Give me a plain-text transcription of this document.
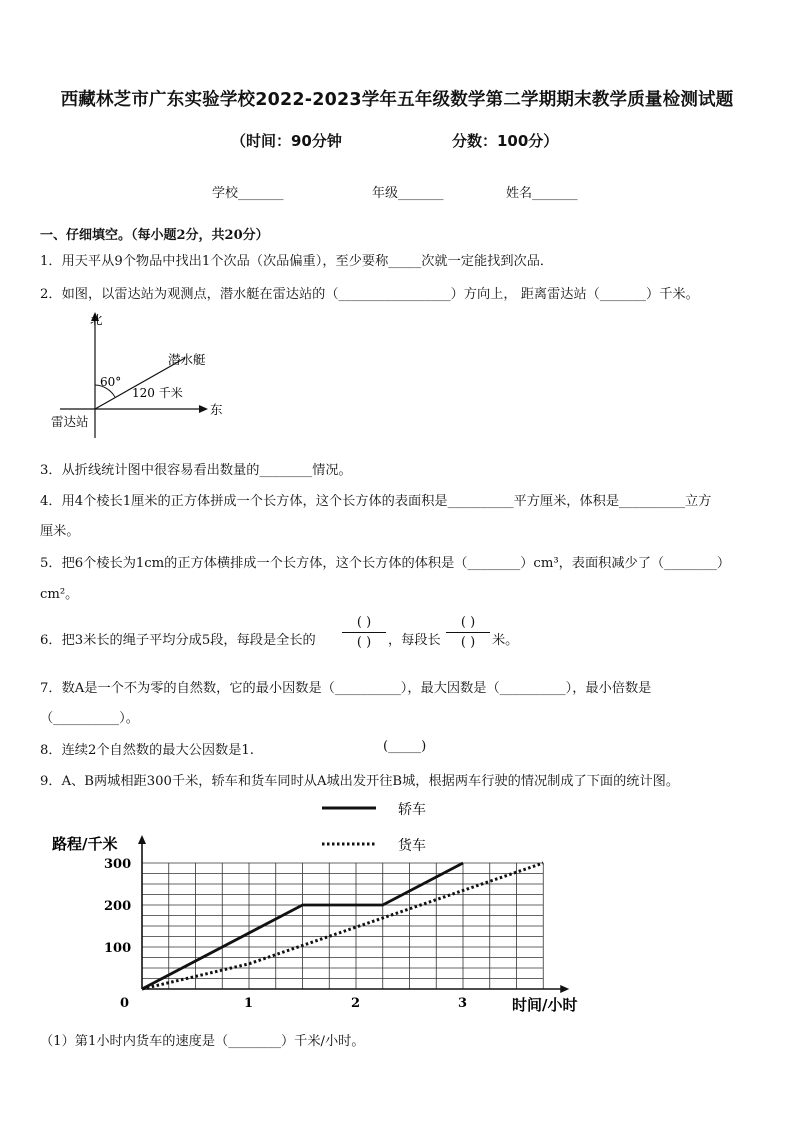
西藏林芝市广东实验学校2022-2023学年五年级数学第二学期期末教学质量检测试题
（时间：90分钟	分数：100分）
学校_______	年级_______	姓名_______
一、仔细填空。（每小题2分，共20分）
1．用天平从9个物品中找出1个次品（次品偏重），至少要称_____次就一定能找到次品．
2．如图，以雷达站为观测点，潜水艇在雷达站的（_________________）方向上， 距离雷达站（_______）千米。
60°
120 千米
潜水艇
北
东
雷达站
3．从折线统计图中很容易看出数量的________情况。
4．用4个棱长1厘米的正方体拼成一个长方体，这个长方体的表面积是__________平方厘米，体积是__________立方
厘米。
5．把6个棱长为1cm的正方体横排成一个长方体，这个长方体的体积是（________）cm³，表面积减少了（________）
cm²。
6．把3米长的绳子平均分成5段，每段是全长的
( )
( )	，每段长
( )
( )	米。
7．数A是一个不为零的自然数，它的最小因数是（__________），最大因数是（__________），最小倍数是
（__________）。
8．连续2个自然数的最大公因数是1.	(_____)
9．A、B两城相距300千米，轿车和货车同时从A城出发开往B城，根据两车行驶的情况制成了下面的统计图。
0	1	2	3
100
200
300
轿车
货车
路程/千米
时间/小时
（1）第1小时内货车的速度是（________）千米/小时。
